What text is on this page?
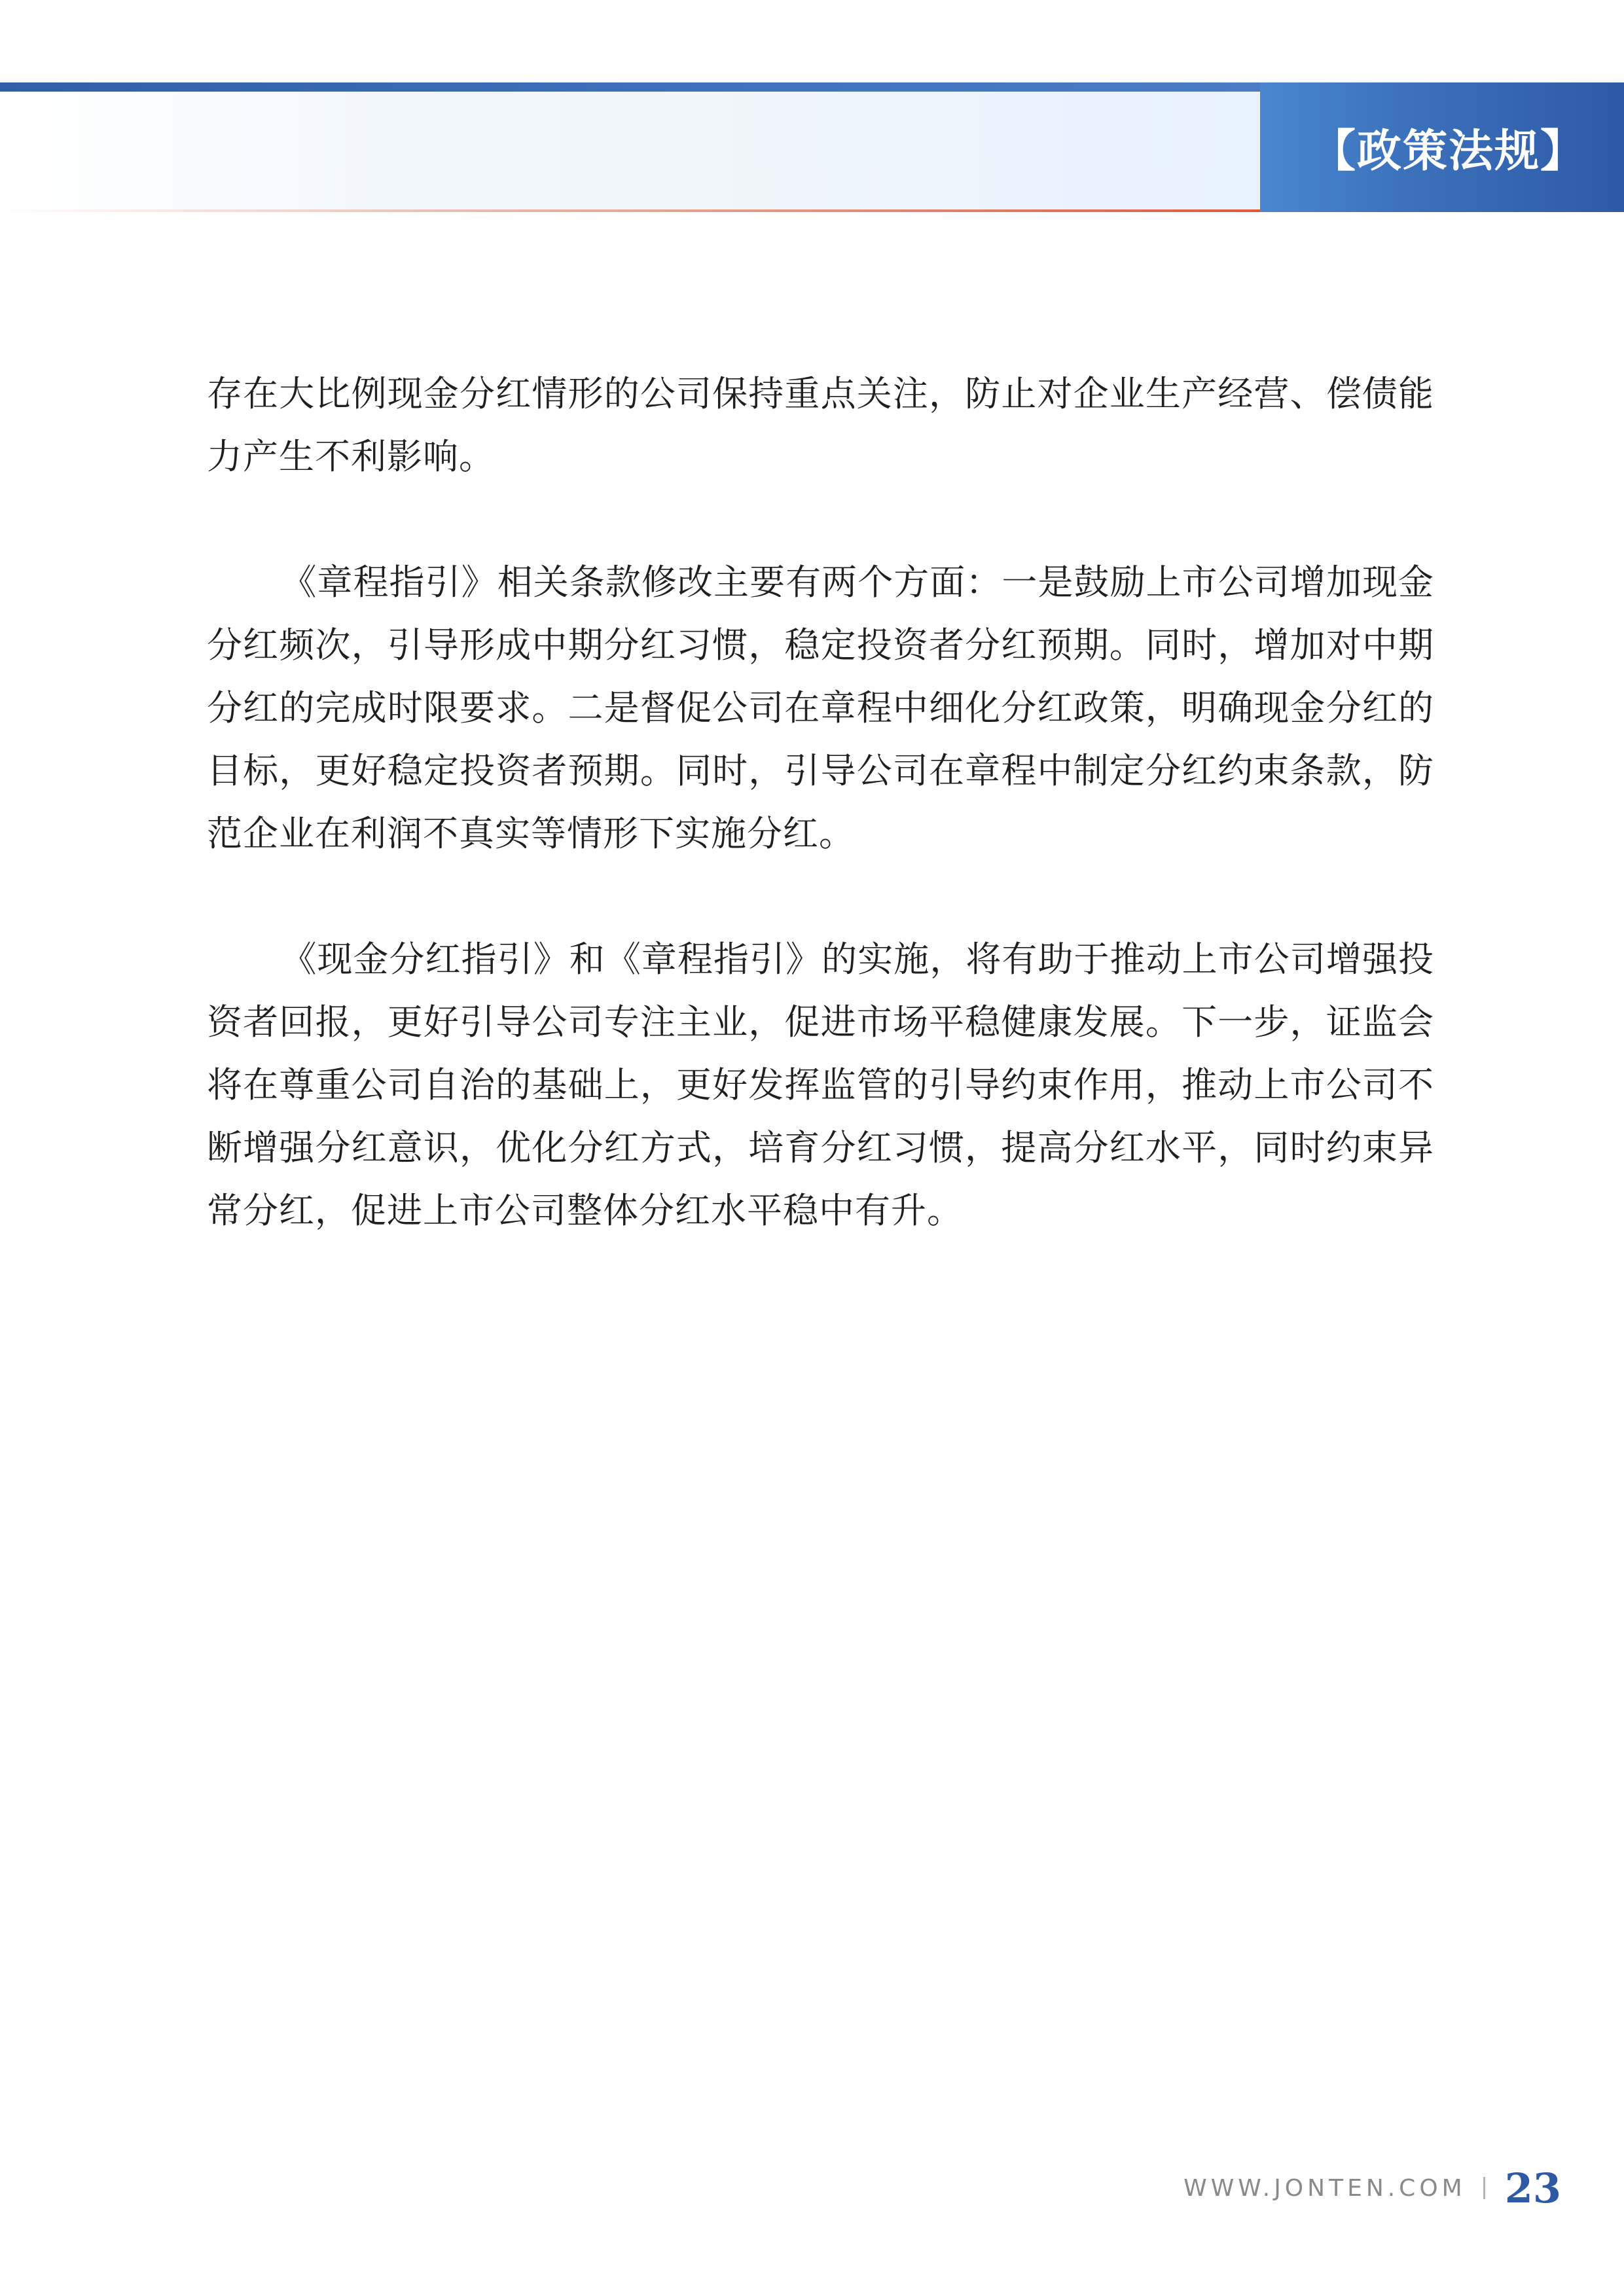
【政策法规】

存在大比例现金分红情形的公司保持重点关注，防止对企业生产经营、偿债能力产生不利影响。

《章程指引》相关条款修改主要有两个方面：一是鼓励上市公司增加现金分红频次，引导形成中期分红习惯，稳定投资者分红预期。同时，增加对中期分红的完成时限要求。二是督促公司在章程中细化分红政策，明确现金分红的目标，更好稳定投资者预期。同时，引导公司在章程中制定分红约束条款，防范企业在利润不真实等情形下实施分红。

《现金分红指引》和《章程指引》的实施，将有助于推动上市公司增强投资者回报，更好引导公司专注主业，促进市场平稳健康发展。下一步，证监会将在尊重公司自治的基础上，更好发挥监管的引导约束作用，推动上市公司不断增强分红意识，优化分红方式，培育分红习惯，提高分红水平，同时约束异常分红，促进上市公司整体分红水平稳中有升。

WWW.JONTEN.COM 23
